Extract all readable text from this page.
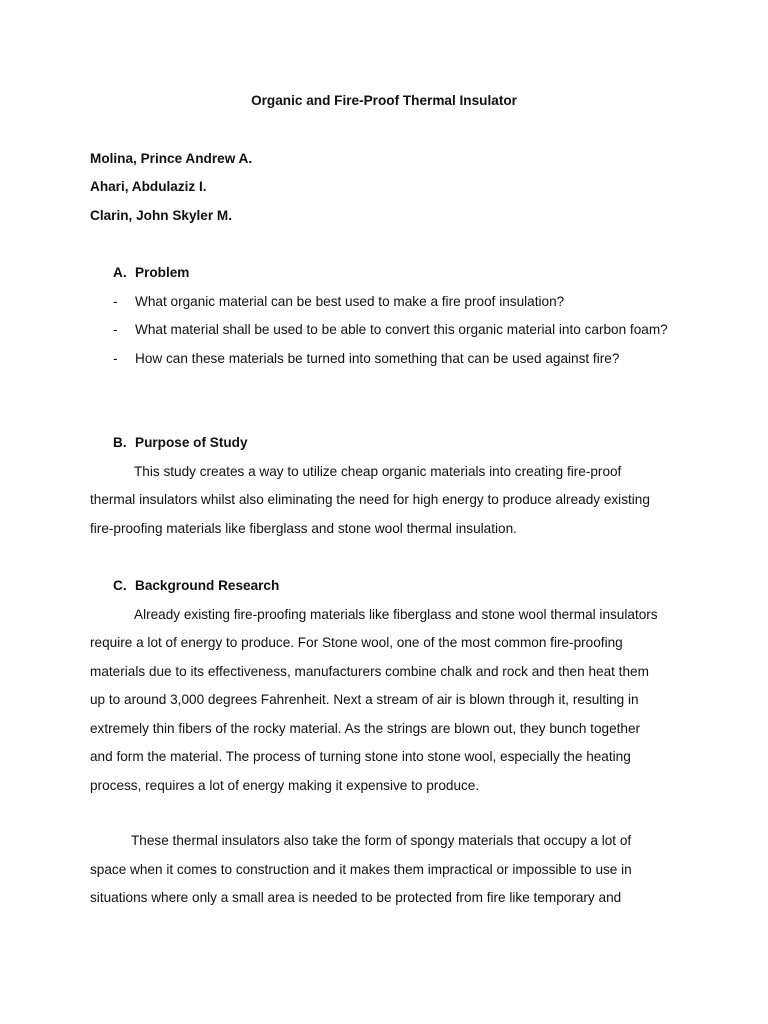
Organic and Fire-Proof Thermal Insulator
Molina, Prince Andrew A.
Ahari, Abdulaziz I.
Clarin, John Skyler M.
A. Problem
- What organic material can be best used to make a fire proof insulation?
- What material shall be used to be able to convert this organic material into carbon foam?
- How can these materials be turned into something that can be used against fire?
B. Purpose of Study

This study creates a way to utilize cheap organic materials into creating fire-proof
thermal insulators whilst also eliminating the need for high energy to produce already existing
fire-proofing materials like fiberglass and stone wool thermal insulation.

C. Background Research

Already existing fire-proofing materials like fiberglass and stone wool thermal insulators
require a lot of energy to produce. For Stone wool, one of the most common fire-proofing
materials due to its effectiveness, manufacturers combine chalk and rock and then heat them
up to around 3,000 degrees Fahrenheit. Next a stream of air is blown through it, resulting in
extremely thin fibers of the rocky material. As the strings are blown out, they bunch together
and form the material. The process of turning stone into stone wool, especially the heating
process, requires a lot of energy making it expensive to produce.

These thermal insulators also take the form of spongy materials that occupy a lot of
space when it comes to construction and it makes them impractical or impossible to use in
situations where only a small area is needed to be protected from fire like temporary and
